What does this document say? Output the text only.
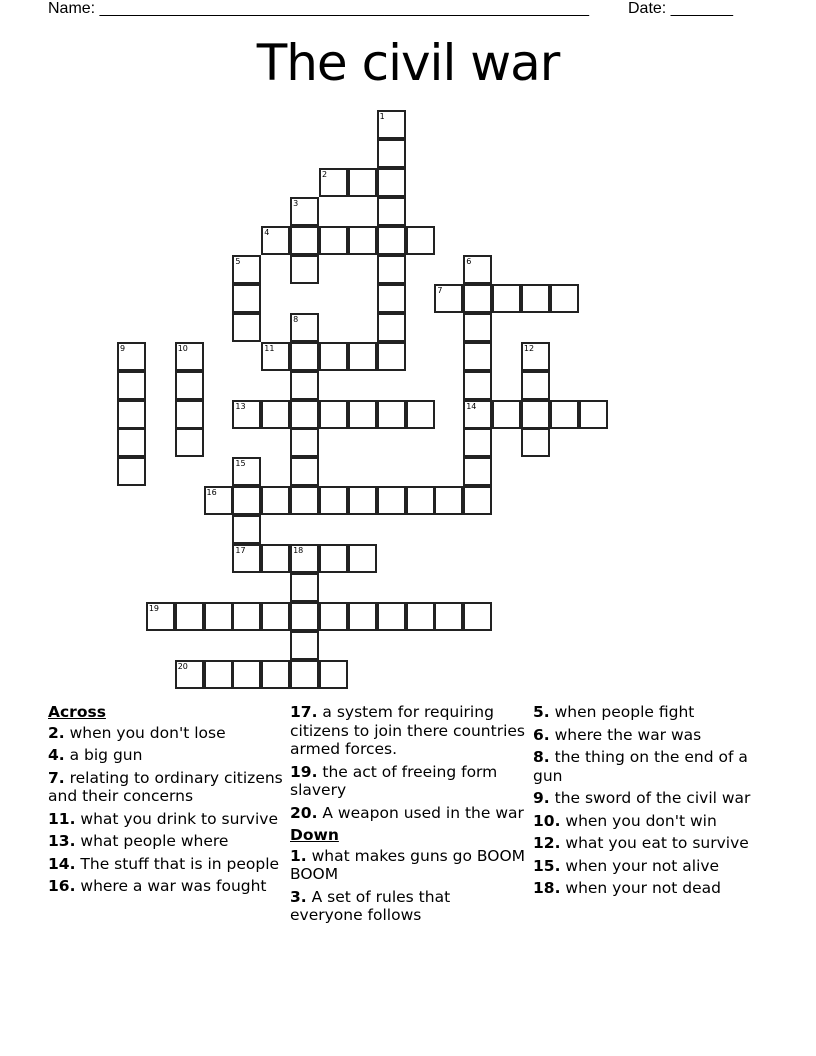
Name: _______________________________________________________ Date: _______
The civil war
1
2
3
4
5	6
14
7
8
9	10	11	12
13
15
17
16
18
19
20
Across
2. when you don't lose
4. a big gun
7. relating to ordinary citizens and their concerns
11. what you drink to survive
13. what people where
14. The stuff that is in people
16. where a war was fought
17. a system for requiring citizens to join there countries armed forces.
19. the act of freeing form slavery
20. A weapon used in the war
Down
1. what makes guns go BOOM BOOM
3. A set of rules that everyone follows
5. when people fight
6. where the war was
8. the thing on the end of a gun
9. the sword of the civil war
10. when you don't win
12. what you eat to survive
15. when your not alive
18. when your not dead
